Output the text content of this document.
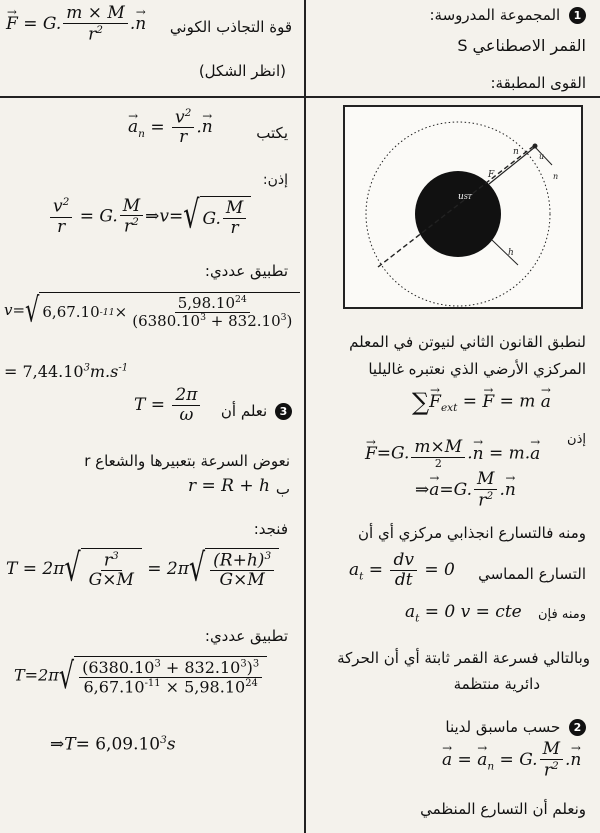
1 المجموعة المدروسة:
القمر الاصطناعي S
القوى المطبقة:
لنطبق القانون الثاني لنيوتن في المعلم
المركزي الأرضي الذي نعتبره غاليليا
∑→ $F_{ext}$ = → F = m → a
إذن
→ F=G. $\frac{m\times M}{2}$ .→ n = m.→ a
⇒→ a=G. $\frac{M}{r^2}$ .→ n
ومنه فالتسارع انجذابي مركزي أي أن
التسارع المماسي
$a_t = \frac{dv}{dt} = 0$
ومنه فإن
$a_t = 0$ v = cte
وبالتالي فسرعة القمر ثابتة أي أن الحركة
دائرية منتظمة
2 حسب ماسبق لدينا
→ a = → $a_n = G$. $\frac{M}{r^2}$ .→ n
ونعلم أن التسارع المنظمي
uST
h
F
n	u
n
r
→ F = G. $\frac{m \times M}{r^2}$ .→ n قوة التجاذب الكوني
(انظر الشكل)
يكتب
→ $a_n = \frac{v^2}{r}$ .→ n
إذن:
$\frac{v^2}{r} = G$. $\frac{M}{r^2}$ ⇒v= √ G. $\frac{M}{r}$
تطبيق عددي:
v= √ 6,67.10 $-11 \times \frac{5,98.10^{24}}{(6380.10^3 + 832.10^3)}$
= $7,44.10^3m.s^{-1}$
$T = \frac{2\pi}{\omega}$	3 نعلم أن
نعوض السرعة بتعبيرها والشعاع r
ب
r = R + h
فنجد:
T = 2π √ $\frac{r^3}{G\times M} = 2\pi$ √ $\frac{(R+h)^3}{G\times M}$
تطبيق عددي:
T=2π √ $\frac{(6380.10^3 + 832.10^3)^3}{6,67.10^{-11} \times 5,98.10^{24}}$
⇒T= $6,09.10^3s$
